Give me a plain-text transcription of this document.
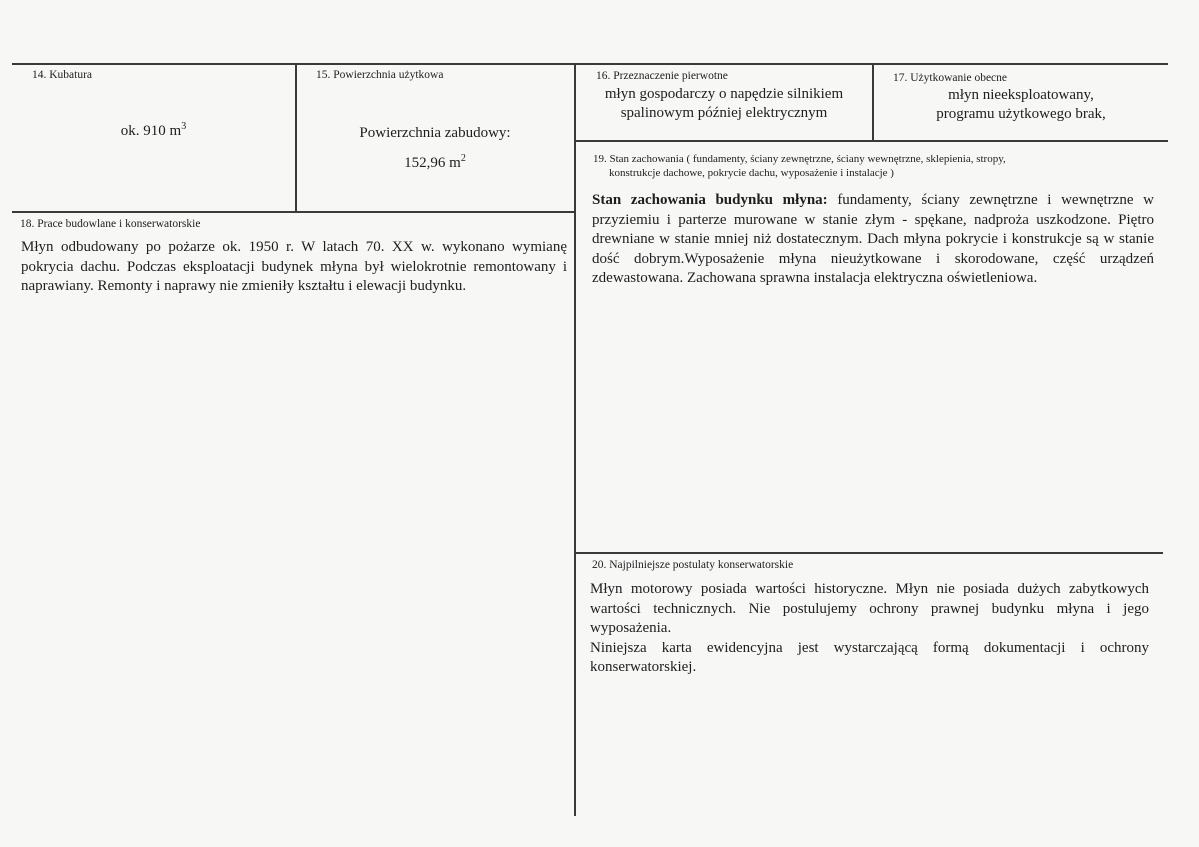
14. Kubatura
ok. 910 $m^3$
15. Powierzchnia użytkowa
Powierzchnia zabudowy:
152,96 $m^2$
16. Przeznaczenie pierwotne
młyn gospodarczy o napędzie silnikiem
spalinowym później elektrycznym
17. Użytkowanie obecne
młyn nieeksploatowany,
programu użytkowego brak,
18. Prace budowlane i konserwatorskie
Młyn odbudowany po pożarze ok. 1950 r. W latach 70. XX w. wykonano wymianę pokrycia dachu. Podczas eksploatacji budynek młyna był wielokrotnie remontowany i naprawiany. Remonty i naprawy nie zmieniły kształtu i elewacji budynku.
19. Stan zachowania ( fundamenty, ściany zewnętrzne, ściany wewnętrzne, sklepienia, stropy,
konstrukcje dachowe, pokrycie dachu, wyposażenie i instalacje )
Stan zachowania budynku młyna: fundamenty, ściany zewnętrzne i wewnętrzne w przyziemiu i parterze murowane w stanie złym - spękane, nadproża uszkodzone. Piętro drewniane w stanie mniej niż dostatecznym. Dach młyna pokrycie i konstrukcje są w stanie dość dobrym.Wyposażenie młyna nieużytkowane i skorodowane, część urządzeń zdewastowana. Zachowana sprawna instalacja elektryczna oświetleniowa.
20. Najpilniejsze postulaty konserwatorskie
Młyn motorowy posiada wartości historyczne. Młyn nie posiada dużych zabytkowych wartości technicznych. Nie postulujemy ochrony prawnej budynku młyna i jego wyposażenia.
Niniejsza karta ewidencyjna jest wystarczającą formą dokumentacji i ochrony konserwatorskiej.
